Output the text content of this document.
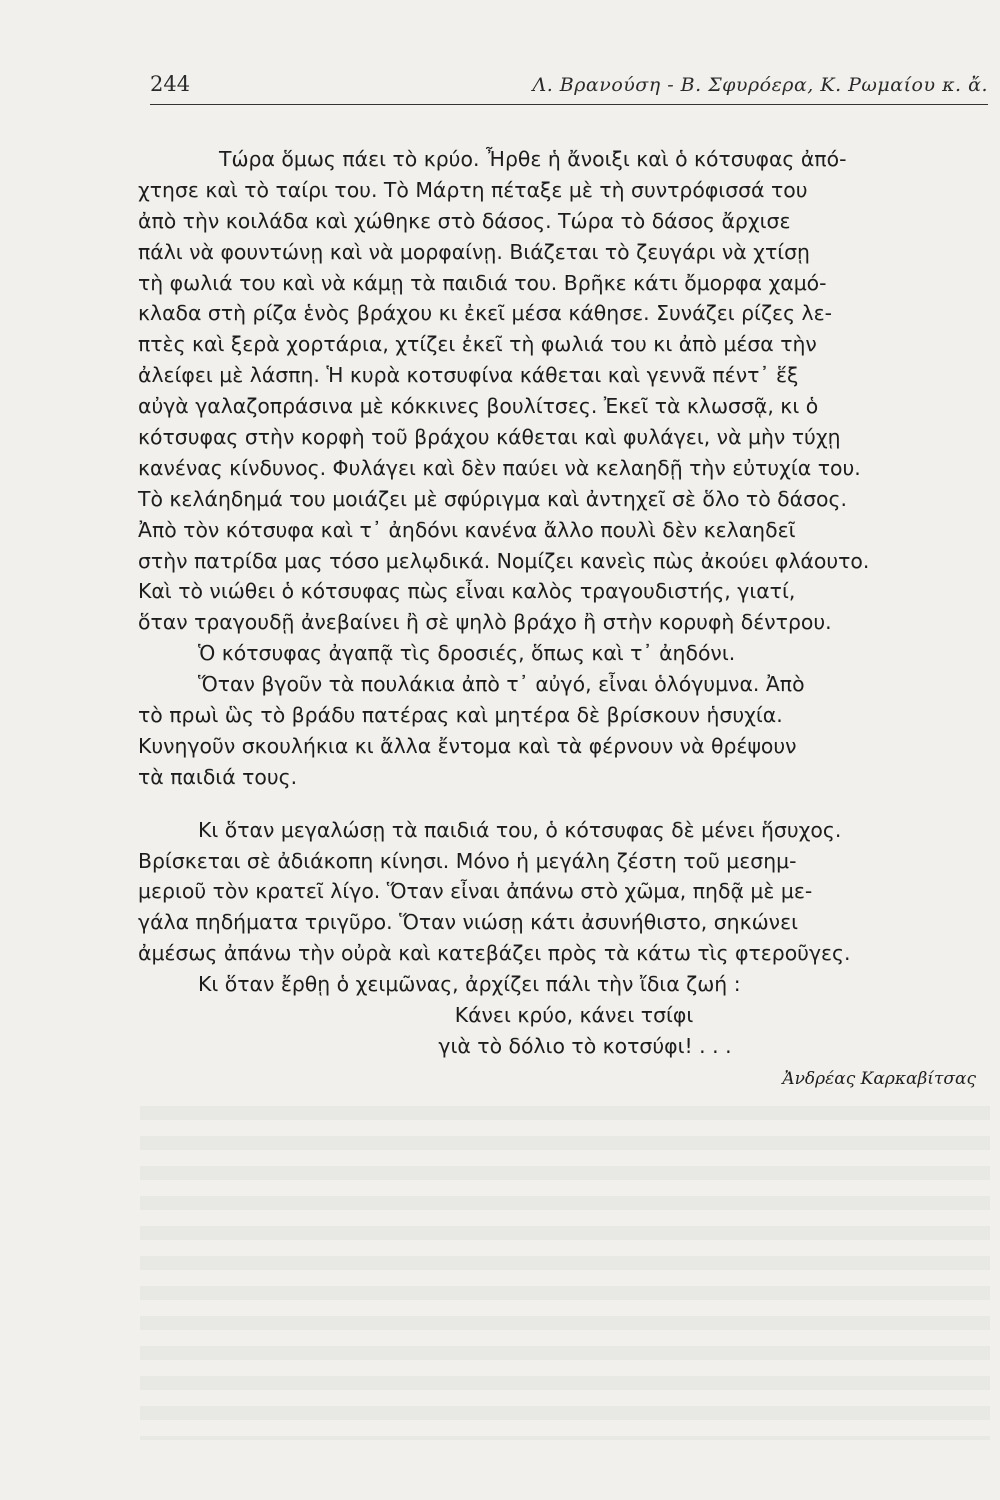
244	Λ. Βρανούση - Β. Σφυρόερα, Κ. Ρωμαίου κ. ἄ.
Τώρα ὅμως πάει τὸ κρύο. Ἦρθε ἡ ἄνοιξι καὶ ὁ κότσυφας ἀπό-
χτησε καὶ τὸ ταίρι του. Τὸ Μάρτη πέταξε μὲ τὴ συντρόφισσά του
ἀπὸ τὴν κοιλάδα καὶ χώθηκε στὸ δάσος. Τώρα τὸ δάσος ἄρχισε
πάλι νὰ φουντώνῃ καὶ νὰ μορφαίνῃ. Βιάζεται τὸ ζευγάρι νὰ χτίσῃ
τὴ φωλιά του καὶ νὰ κάμῃ τὰ παιδιά του. Βρῆκε κάτι ὄμορφα χαμό-
κλαδα στὴ ρίζα ἑνὸς βράχου κι ἐκεῖ μέσα κάθησε. Συνάζει ρίζες λε-
πτὲς καὶ ξερὰ χορτάρια, χτίζει ἐκεῖ τὴ φωλιά του κι ἀπὸ μέσα τὴν
ἀλείφει μὲ λάσπη. Ἡ κυρὰ κοτσυφίνα κάθεται καὶ γεννᾶ πέντ᾿ ἕξ
αὐγὰ γαλαζοπράσινα μὲ κόκκινες βουλίτσες. Ἐκεῖ τὰ κλωσσᾷ, κι ὁ
κότσυφας στὴν κορφὴ τοῦ βράχου κάθεται καὶ φυλάγει, νὰ μὴν τύχῃ
κανένας κίνδυνος. Φυλάγει καὶ δὲν παύει νὰ κελαηδῇ τὴν εὐτυχία του.
Τὸ κελάηδημά του μοιάζει μὲ σφύριγμα καὶ ἀντηχεῖ σὲ ὅλο τὸ δάσος.
Ἀπὸ τὸν κότσυφα καὶ τ᾿ ἀηδόνι κανένα ἄλλο πουλὶ δὲν κελαηδεῖ
στὴν πατρίδα μας τόσο μελῳδικά. Νομίζει κανεὶς πὼς ἀκούει φλάουτο.
Καὶ τὸ νιώθει ὁ κότσυφας πὼς εἶναι καλὸς τραγουδιστής, γιατί,
ὅταν τραγουδῇ ἀνεβαίνει ἢ σὲ ψηλὸ βράχο ἢ στὴν κορυφὴ δέντρου.
Ὁ κότσυφας ἀγαπᾷ τὶς δροσιές, ὅπως καὶ τ᾿ ἀηδόνι.
Ὅταν βγοῦν τὰ πουλάκια ἀπὸ τ᾿ αὐγό, εἶναι ὁλόγυμνα. Ἀπὸ
τὸ πρωὶ ὣς τὸ βράδυ πατέρας καὶ μητέρα δὲ βρίσκουν ἡσυχία.
Κυνηγοῦν σκουλήκια κι ἄλλα ἔντομα καὶ τὰ φέρνουν νὰ θρέψουν
τὰ παιδιά τους.
Κι ὅταν μεγαλώσῃ τὰ παιδιά του, ὁ κότσυφας δὲ μένει ἥσυχος.
Βρίσκεται σὲ ἀδιάκοπη κίνησι. Μόνο ἡ μεγάλη ζέστη τοῦ μεσημ-
μεριοῦ τὸν κρατεῖ λίγο. Ὅταν εἶναι ἀπάνω στὸ χῶμα, πηδᾷ μὲ με-
γάλα πηδήματα τριγῦρο. Ὅταν νιώσῃ κάτι ἀσυνήθιστο, σηκώνει
ἀμέσως ἀπάνω τὴν οὐρὰ καὶ κατεβάζει πρὸς τὰ κάτω τὶς φτεροῦγες.
Κι ὅταν ἔρθῃ ὁ χειμῶνας, ἀρχίζει πάλι τὴν ἴδια ζωή :
Κάνει κρύο, κάνει τσίφι
γιὰ τὸ δόλιο τὸ κοτσύφι! . . .
Ἀνδρέας Καρκαβίτσας
